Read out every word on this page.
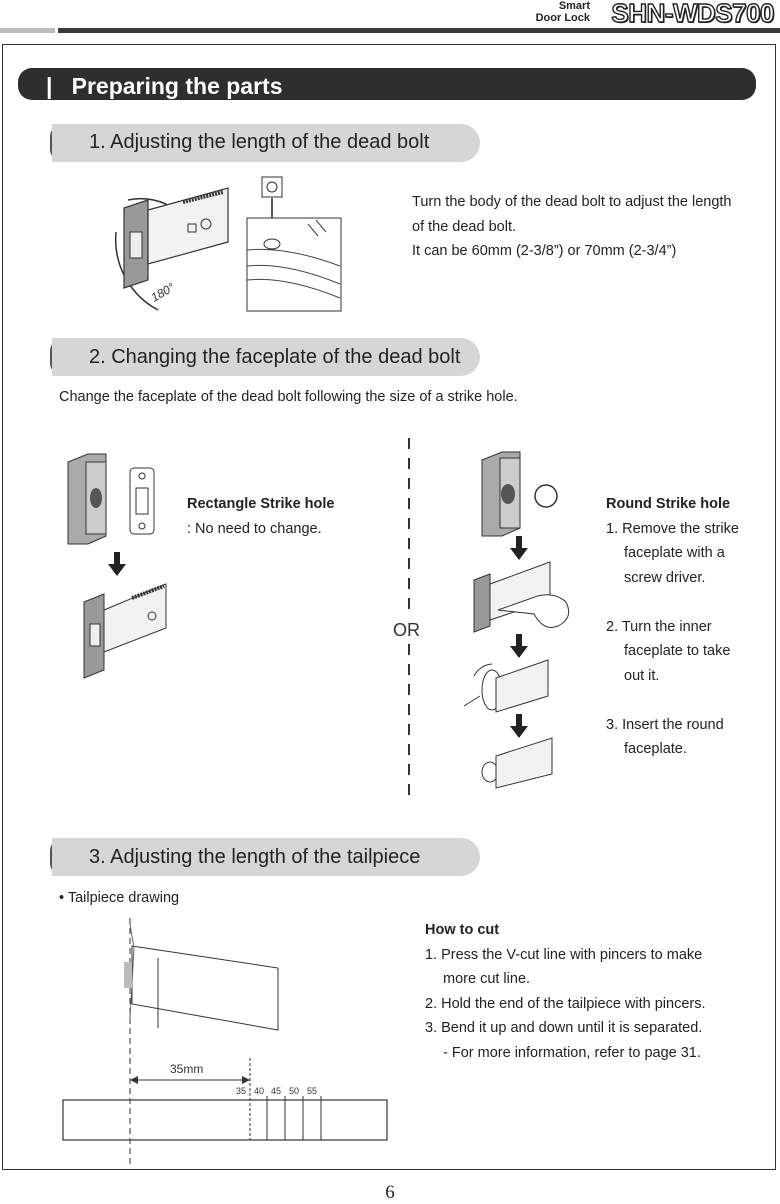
Smart
Door Lock SHN-WDS700
| Preparing the parts
1. Adjusting the length of the dead bolt
180°
Turn the body of the dead bolt to adjust the length
of the dead bolt.
It can be 60mm (2-3/8”) or 70mm (2-3/4”)
2. Changing the faceplate of the dead bolt
Change the faceplate of the dead bolt following the size of a strike hole.
Rectangle Strike hole
: No need to change.
OR
Round Strike hole
1. Remove the strike
faceplate with a
screw driver.
2. Turn the inner
faceplate to take
out it.
3. Insert the round
faceplate.
3. Adjusting the length of the tailpiece
• Tailpiece drawing
35mm
35 40 45 50 55
How to cut
1. Press the V-cut line with pincers to make
more cut line.
2. Hold the end of the tailpiece with pincers.
3. Bend it up and down until it is separated.
- For more information, refer to page 31.
6
